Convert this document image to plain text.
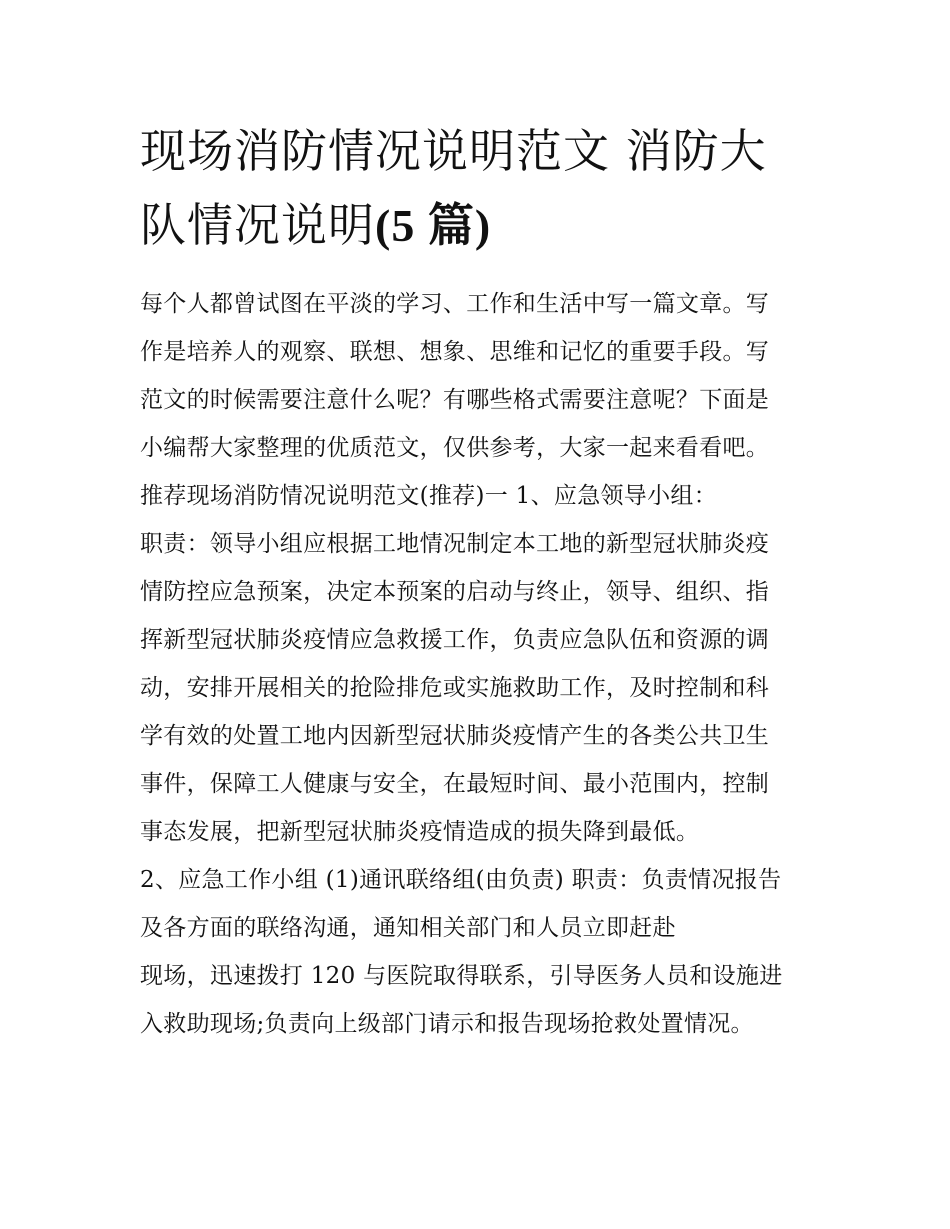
现场消防情况说明范文 消防大
队情况说明(5 篇)
每个人都曾试图在平淡的学习、工作和生活中写一篇文章。写
作是培养人的观察、联想、想象、思维和记忆的重要手段。写
范文的时候需要注意什么呢？有哪些格式需要注意呢？下面是
小编帮大家整理的优质范文，仅供参考，大家一起来看看吧。
推荐现场消防情况说明范文(推荐)一 1、应急领导小组：
职责：领导小组应根据工地情况制定本工地的新型冠状肺炎疫
情防控应急预案，决定本预案的启动与终止，领导、组织、指
挥新型冠状肺炎疫情应急救援工作，负责应急队伍和资源的调
动，安排开展相关的抢险排危或实施救助工作，及时控制和科
学有效的处置工地内因新型冠状肺炎疫情产生的各类公共卫生
事件，保障工人健康与安全，在最短时间、最小范围内，控制
事态发展，把新型冠状肺炎疫情造成的损失降到最低。
2、应急工作小组 (1)通讯联络组(由负责) 职责：负责情况报告
及各方面的联络沟通，通知相关部门和人员立即赶赴
现场，迅速拨打 120 与医院取得联系，引导医务人员和设施进
入救助现场;负责向上级部门请示和报告现场抢救处置情况。
